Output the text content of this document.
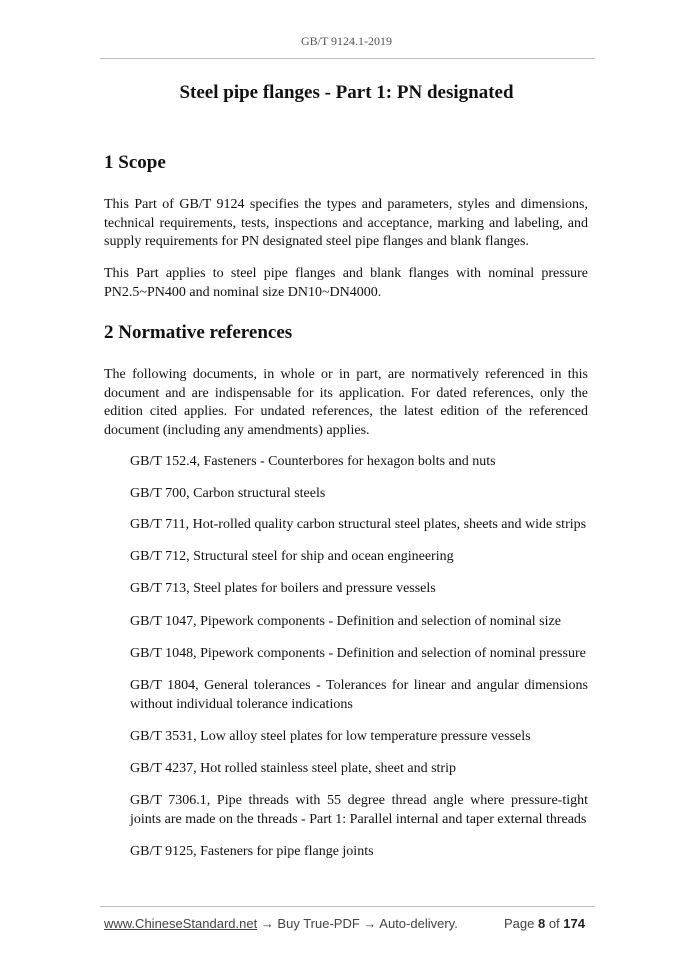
GB/T 9124.1-2019
Steel pipe flanges - Part 1: PN designated
1 Scope

This Part of GB/T 9124 specifies the types and parameters, styles and dimensions, technical requirements, tests, inspections and acceptance, marking and labeling, and supply requirements for PN designated steel pipe flanges and blank flanges.

This Part applies to steel pipe flanges and blank flanges with nominal pressure PN2.5~PN400 and nominal size DN10~DN4000.

2 Normative references

The following documents, in whole or in part, are normatively referenced in this document and are indispensable for its application. For dated references, only the edition cited applies. For undated references, the latest edition of the referenced document (including any amendments) applies.

GB/T 152.4, Fasteners - Counterbores for hexagon bolts and nuts

GB/T 700, Carbon structural steels

GB/T 711, Hot-rolled quality carbon structural steel plates, sheets and wide strips

GB/T 712, Structural steel for ship and ocean engineering

GB/T 713, Steel plates for boilers and pressure vessels

GB/T 1047, Pipework components - Definition and selection of nominal size

GB/T 1048, Pipework components - Definition and selection of nominal pressure

GB/T 1804, General tolerances - Tolerances for linear and angular dimensions without individual tolerance indications

GB/T 3531, Low alloy steel plates for low temperature pressure vessels

GB/T 4237, Hot rolled stainless steel plate, sheet and strip

GB/T 7306.1, Pipe threads with 55 degree thread angle where pressure-tight joints are made on the threads - Part 1: Parallel internal and taper external threads

GB/T 9125, Fasteners for pipe flange joints

www.ChineseStandard.net → Buy True-PDF → Auto-delivery.	Page 8 of 174
